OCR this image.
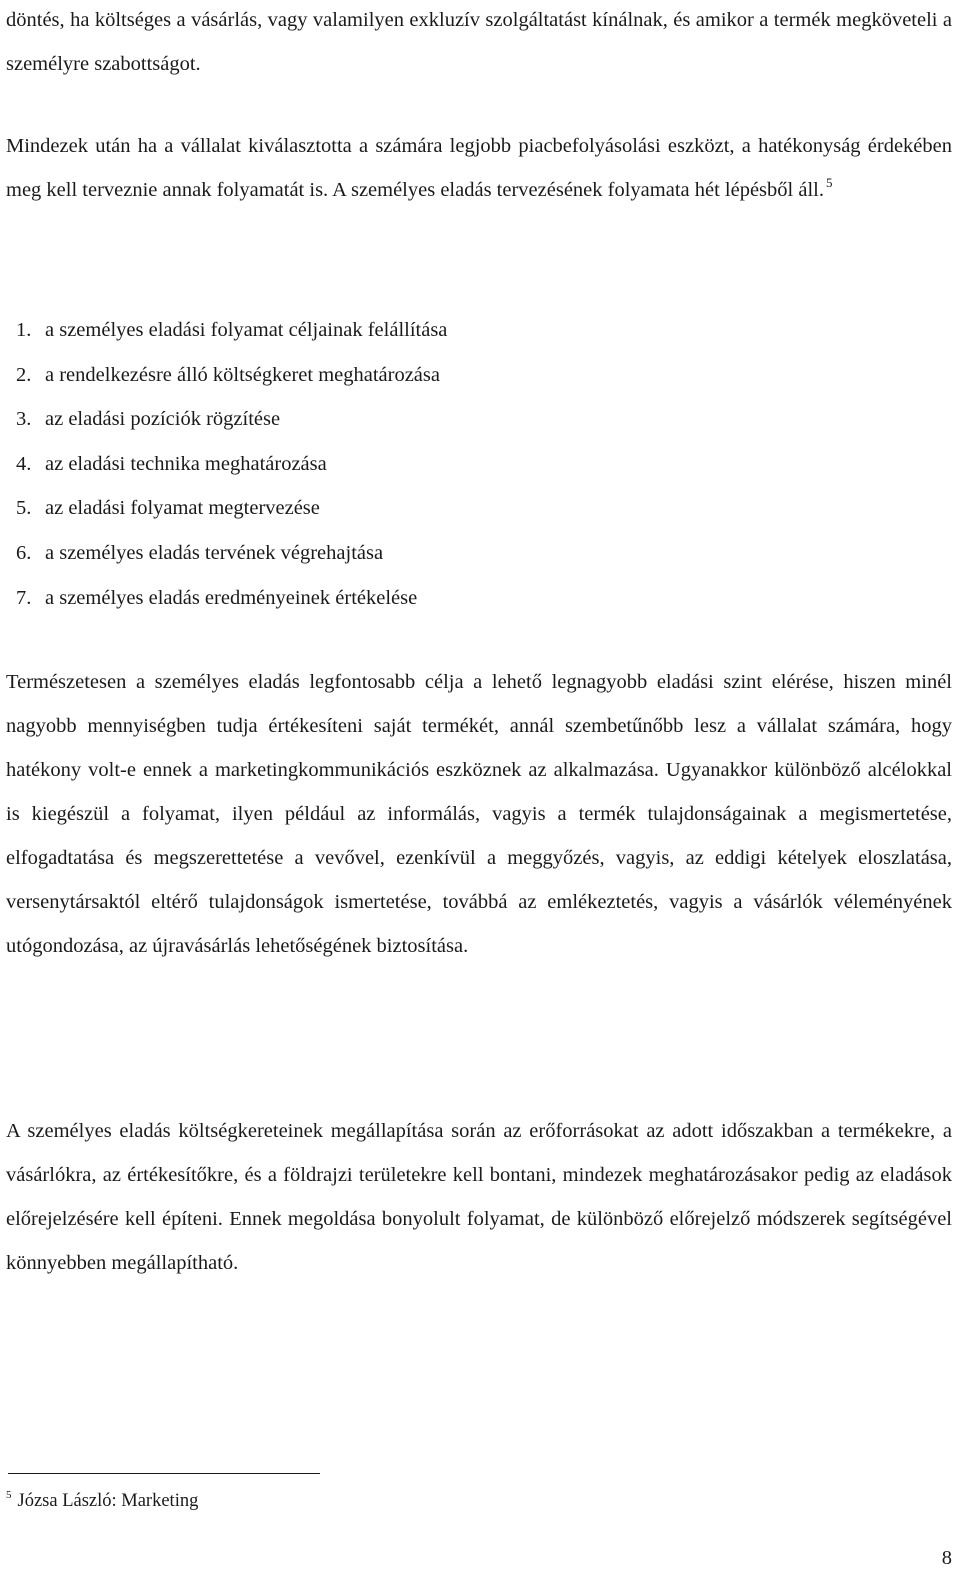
döntés, ha költséges a vásárlás, vagy valamilyen exkluzív szolgáltatást kínálnak, és amikor a termék megköveteli a személyre szabottságot.

Mindezek után ha a vállalat kiválasztotta a számára legjobb piacbefolyásolási eszközt, a hatékonyság érdekében meg kell terveznie annak folyamatát is. A személyes eladás tervezésének folyamata hét lépésből áll. $^5$

1. a személyes eladási folyamat céljainak felállítása
2. a rendelkezésre álló költségkeret meghatározása
3. az eladási pozíciók rögzítése
4. az eladási technika meghatározása
5. az eladási folyamat megtervezése
6. a személyes eladás tervének végrehajtása
7. a személyes eladás eredményeinek értékelése

Természetesen a személyes eladás legfontosabb célja a lehető legnagyobb eladási szint elérése, hiszen minél nagyobb mennyiségben tudja értékesíteni saját termékét, annál szembetűnőbb lesz a vállalat számára, hogy hatékony volt-e ennek a marketingkommunikációs eszköznek az alkalmazása. Ugyanakkor különböző alcélokkal is kiegészül a folyamat, ilyen például az informálás, vagyis a termék tulajdonságainak a megismertetése, elfogadtatása és megszerettetése a vevővel, ezenkívül a meggyőzés, vagyis, az eddigi kételyek eloszlatása, versenytársaktól eltérő tulajdonságok ismertetése, továbbá az emlékeztetés, vagyis a vásárlók véleményének utógondozása, az újravásárlás lehetőségének biztosítása.

A személyes eladás költségkereteinek megállapítása során az erőforrásokat az adott időszakban a termékekre, a vásárlókra, az értékesítőkre, és a földrajzi területekre kell bontani, mindezek meghatározásakor pedig az eladások előrejelzésére kell építeni. Ennek megoldása bonyolult folyamat, de különböző előrejelző módszerek segítségével könnyebben megállapítható.

$^5$ Józsa László: Marketing
8
